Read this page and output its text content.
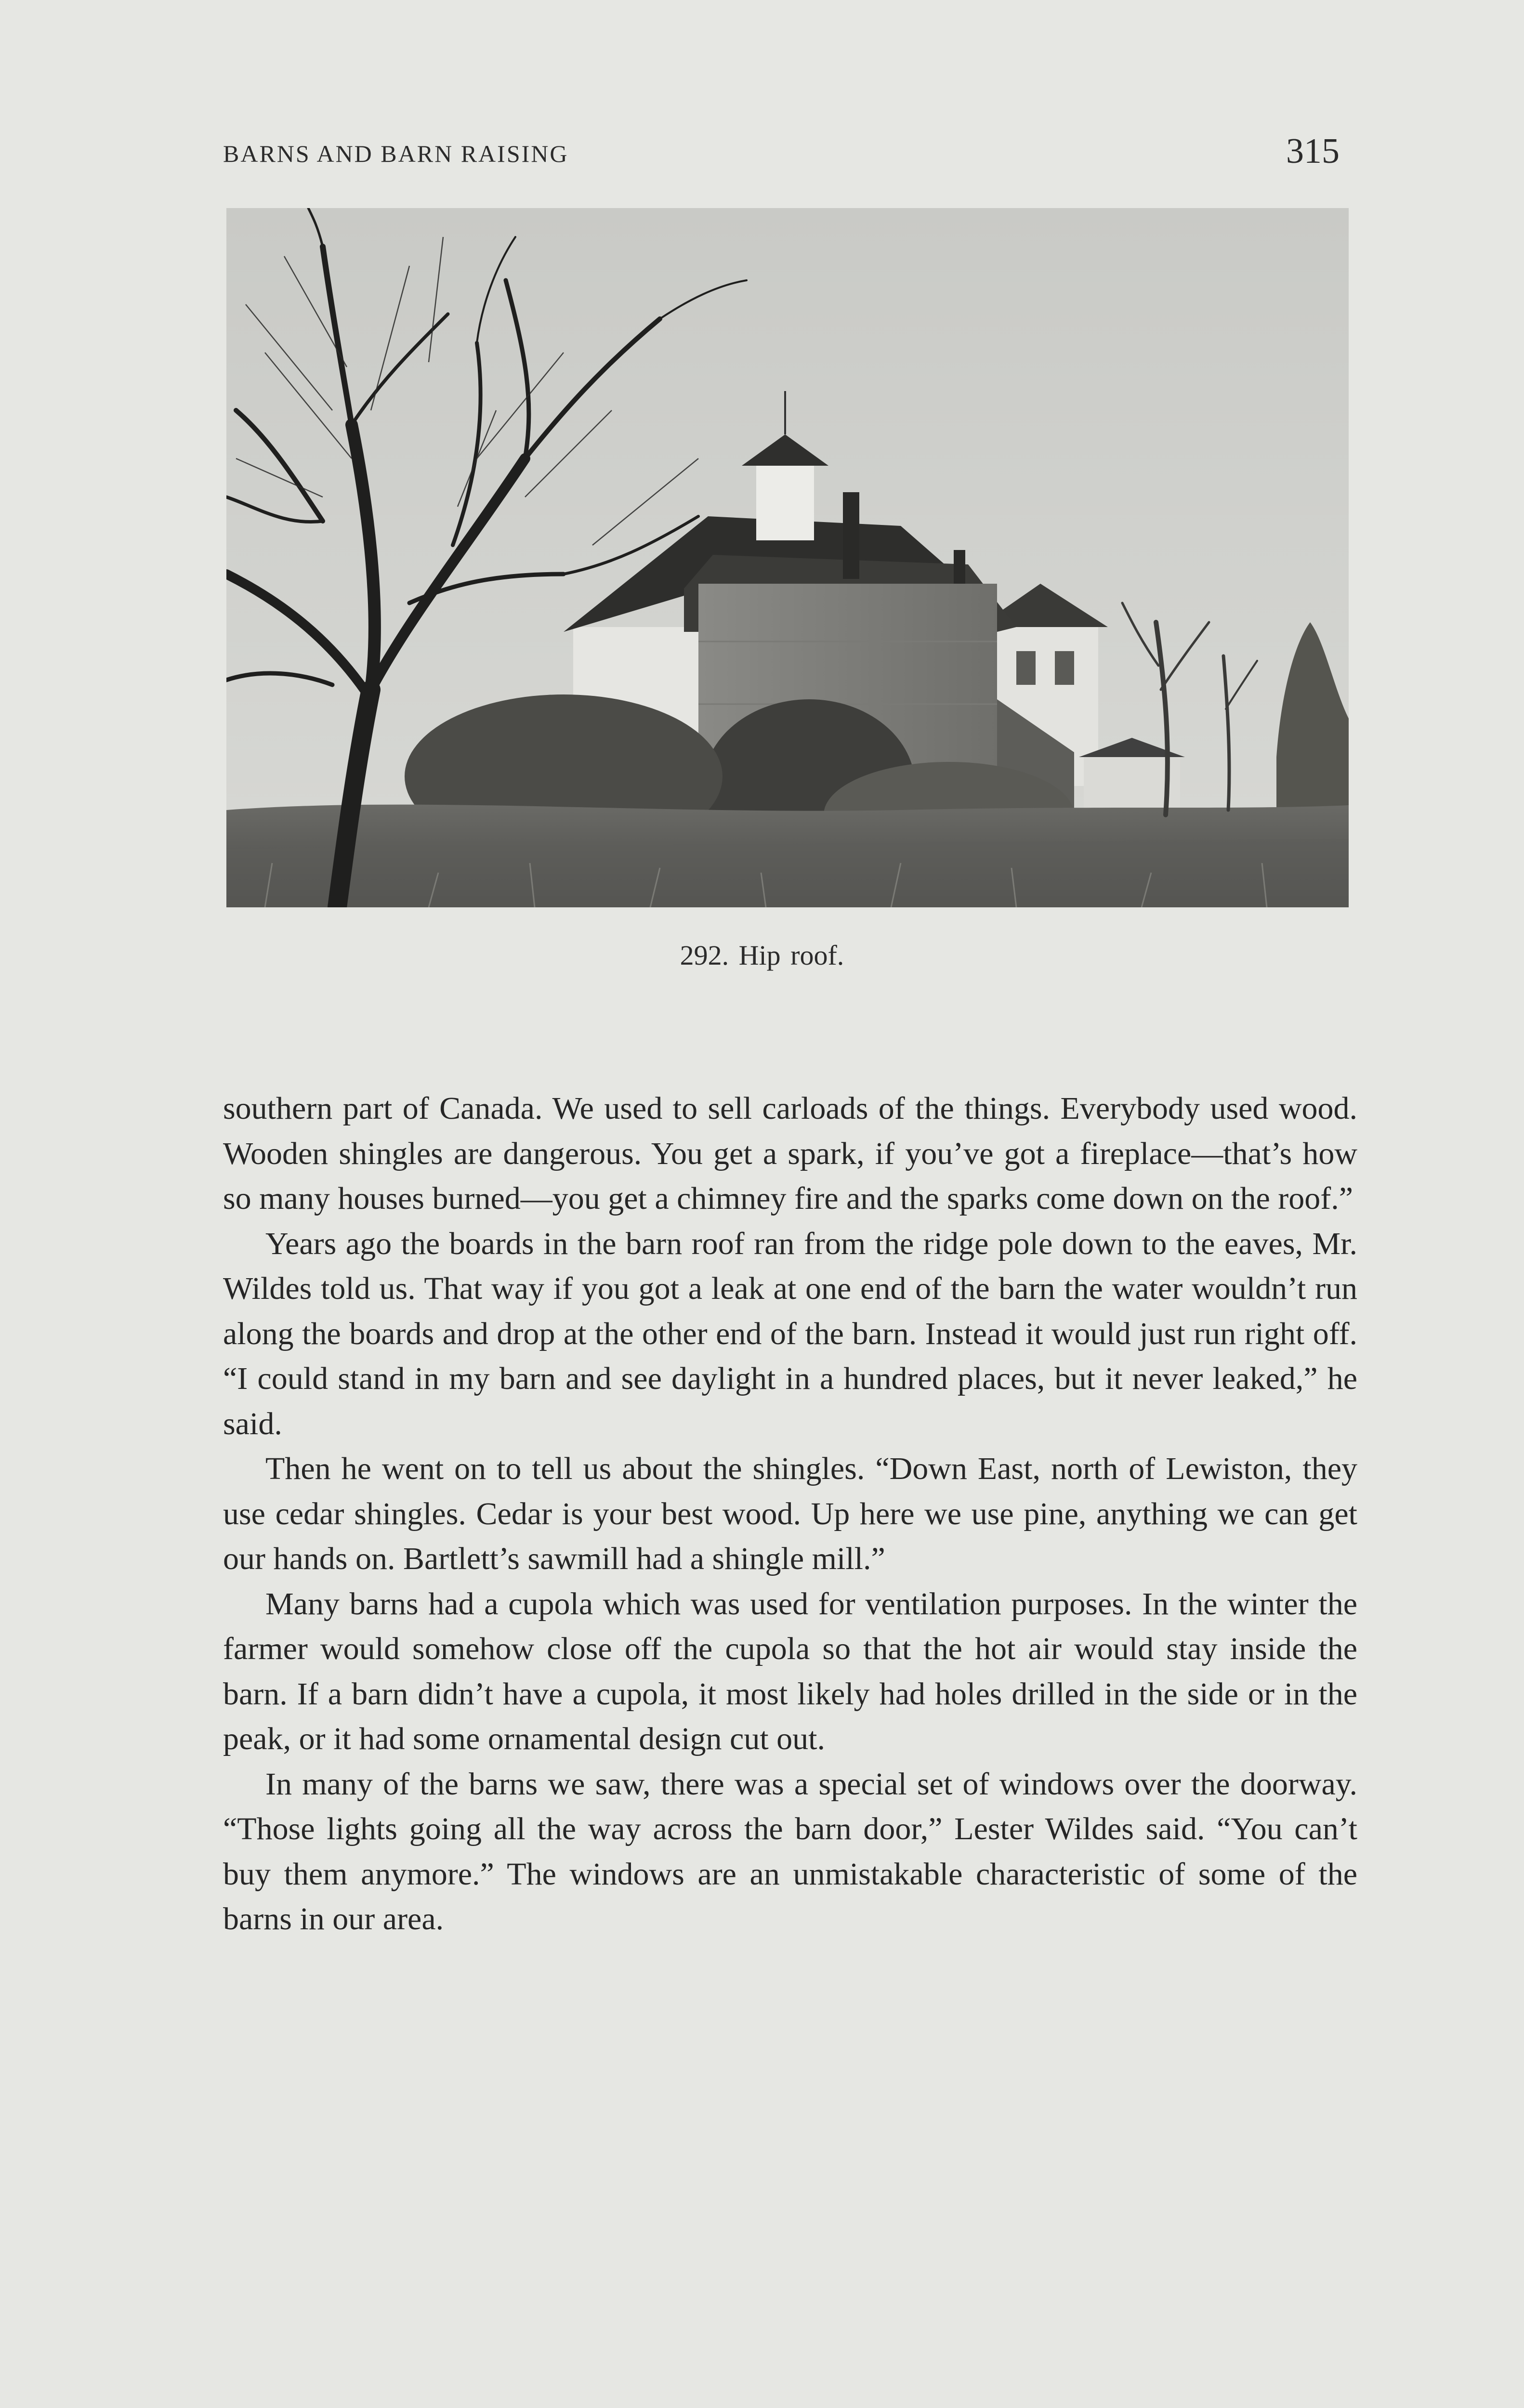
BARNS AND BARN RAISING	315
292. Hip roof.

southern part of Canada. We used to sell carloads of the things. Everybody used wood. Wooden shingles are dangerous. You get a spark, if you’ve got a fireplace—that’s how so many houses burned—you get a chimney fire and the sparks come down on the roof.”

Years ago the boards in the barn roof ran from the ridge pole down to the eaves, Mr. Wildes told us. That way if you got a leak at one end of the barn the water wouldn’t run along the boards and drop at the other end of the barn. Instead it would just run right off. “I could stand in my barn and see daylight in a hundred places, but it never leaked,” he said.

Then he went on to tell us about the shingles. “Down East, north of Lewiston, they use cedar shingles. Cedar is your best wood. Up here we use pine, anything we can get our hands on. Bartlett’s sawmill had a shingle mill.”

Many barns had a cupola which was used for ventilation purposes. In the winter the farmer would somehow close off the cupola so that the hot air would stay inside the barn. If a barn didn’t have a cupola, it most likely had holes drilled in the side or in the peak, or it had some ornamental design cut out.

In many of the barns we saw, there was a special set of windows over the doorway. “Those lights going all the way across the barn door,” Lester Wildes said. “You can’t buy them anymore.” The windows are an unmistakable characteristic of some of the barns in our area.
